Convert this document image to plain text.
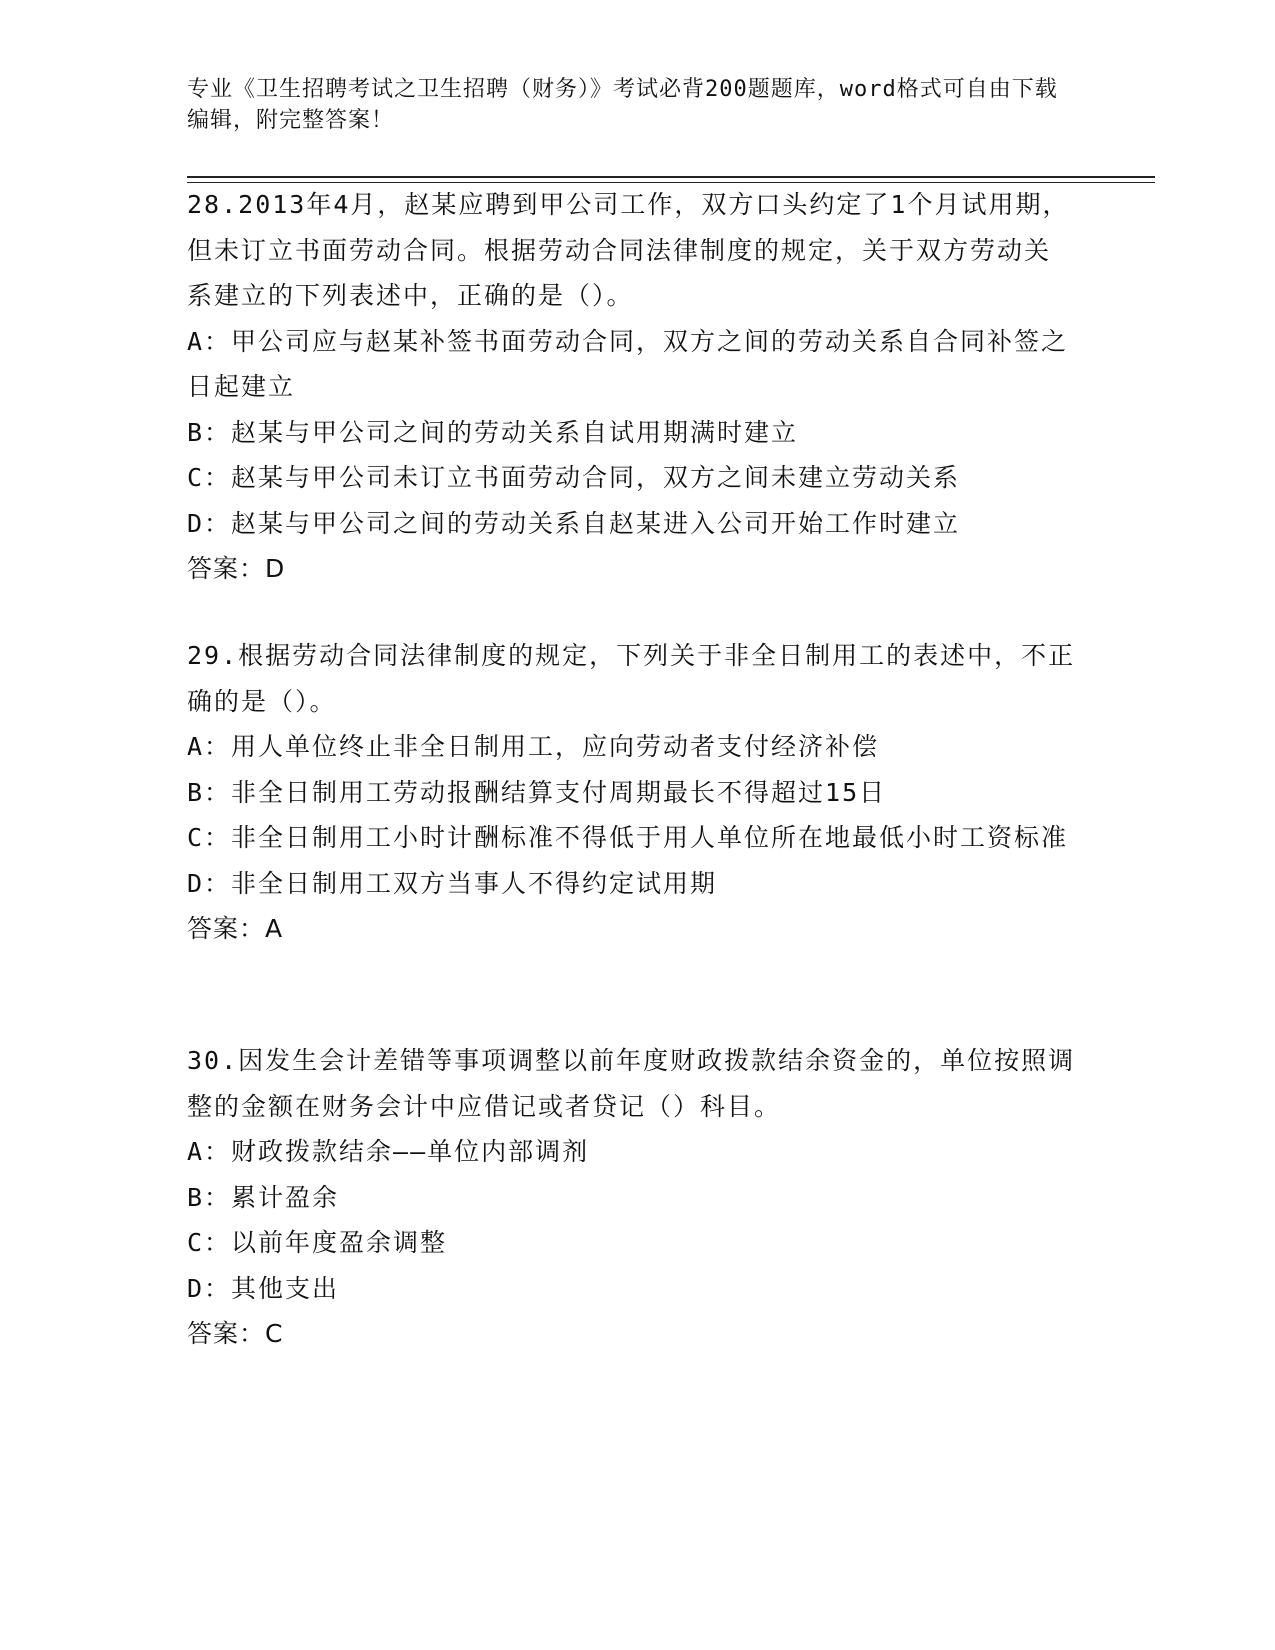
专业《卫生招聘考试之卫生招聘（财务）》考试必背200题题库，word格式可自由下载编辑，附完整答案！
28.2013年4月，赵某应聘到甲公司工作，双方口头约定了1个月试用期，但未订立书面劳动合同。根据劳动合同法律制度的规定，关于双方劳动关系建立的下列表述中，正确的是（）。
A：甲公司应与赵某补签书面劳动合同，双方之间的劳动关系自合同补签之日起建立
B：赵某与甲公司之间的劳动关系自试用期满时建立
C：赵某与甲公司未订立书面劳动合同，双方之间未建立劳动关系
D：赵某与甲公司之间的劳动关系自赵某进入公司开始工作时建立
答案：D
29.根据劳动合同法律制度的规定，下列关于非全日制用工的表述中，不正确的是（）。
A：用人单位终止非全日制用工，应向劳动者支付经济补偿
B：非全日制用工劳动报酬结算支付周期最长不得超过15日
C：非全日制用工小时计酬标准不得低于用人单位所在地最低小时工资标准
D：非全日制用工双方当事人不得约定试用期
答案：A
30.因发生会计差错等事项调整以前年度财政拨款结余资金的，单位按照调整的金额在财务会计中应借记或者贷记（）科目。
A：财政拨款结余——单位内部调剂
B：累计盈余
C：以前年度盈余调整
D：其他支出
答案：C
